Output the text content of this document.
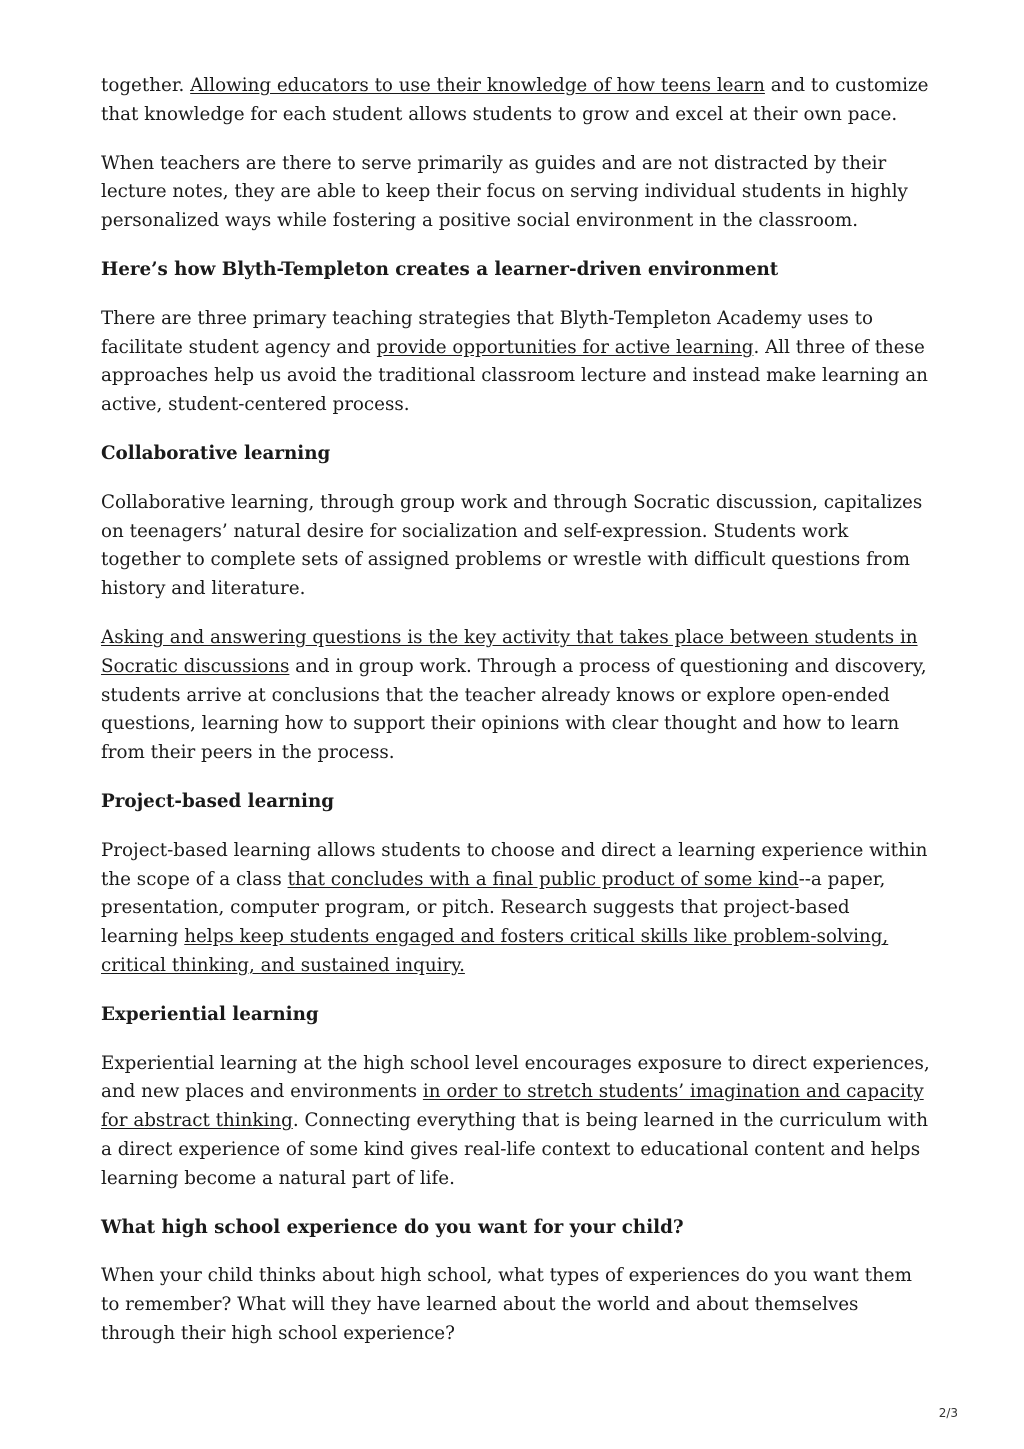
together. Allowing educators to use their knowledge of how teens learn and to customize that knowledge for each student allows students to grow and excel at their own pace.

When teachers are there to serve primarily as guides and are not distracted by their lecture notes, they are able to keep their focus on serving individual students in highly personalized ways while fostering a positive social environment in the classroom.

Here’s how Blyth-Templeton creates a learner-driven environment

There are three primary teaching strategies that Blyth-Templeton Academy uses to facilitate student agency and provide opportunities for active learning. All three of these approaches help us avoid the traditional classroom lecture and instead make learning an active, student-centered process.

Collaborative learning

Collaborative learning, through group work and through Socratic discussion, capitalizes on teenagers’ natural desire for socialization and self-expression. Students work together to complete sets of assigned problems or wrestle with difficult questions from history and literature.

Asking and answering questions is the key activity that takes place between students in Socratic discussions and in group work. Through a process of questioning and discovery, students arrive at conclusions that the teacher already knows or explore open-ended questions, learning how to support their opinions with clear thought and how to learn from their peers in the process.

Project-based learning

Project-based learning allows students to choose and direct a learning experience within the scope of a class that concludes with a final public product of some kind--a paper, presentation, computer program, or pitch. Research suggests that project-based learning helps keep students engaged and fosters critical skills like problem-solving, critical thinking, and sustained inquiry.

Experiential learning

Experiential learning at the high school level encourages exposure to direct experiences, and new places and environments in order to stretch students’ imagination and capacity for abstract thinking. Connecting everything that is being learned in the curriculum with a direct experience of some kind gives real-life context to educational content and helps learning become a natural part of life.

What high school experience do you want for your child?

When your child thinks about high school, what types of experiences do you want them to remember? What will they have learned about the world and about themselves through their high school experience?

2/3
